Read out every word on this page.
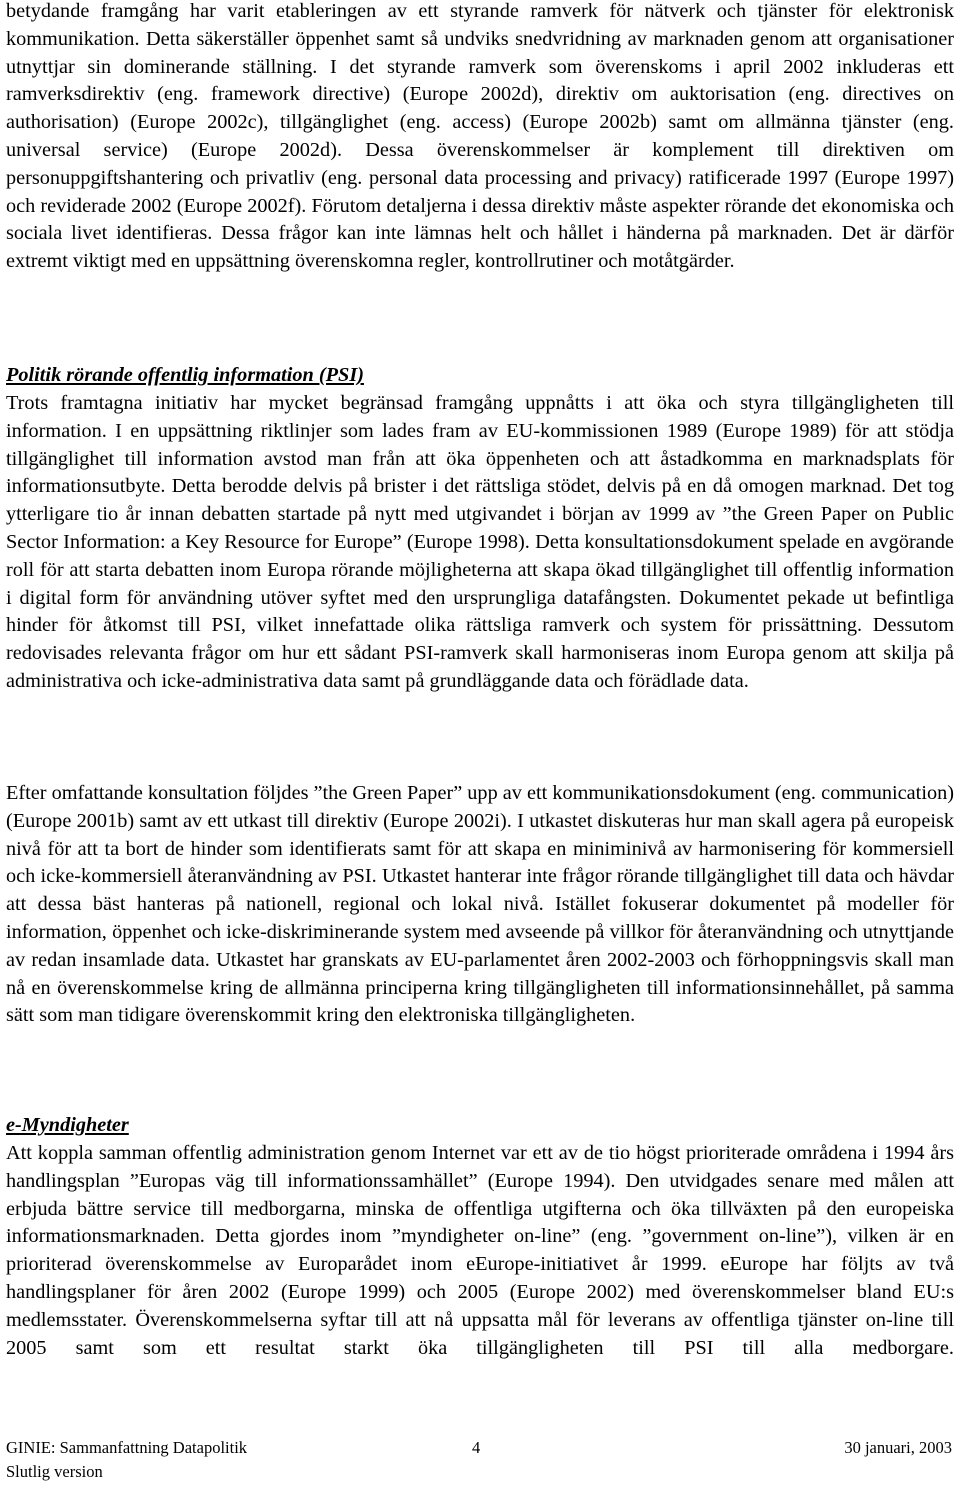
betydande framgång har varit etableringen av ett styrande ramverk för nätverk och tjänster för elektronisk kommunikation. Detta säkerställer öppenhet samt så undviks snedvridning av marknaden genom att organisationer utnyttjar sin dominerande ställning. I det styrande ramverk som överenskoms i april 2002 inkluderas ett ramverksdirektiv (eng. framework directive) (Europe 2002d), direktiv om auktorisation (eng. directives on authorisation) (Europe 2002c), tillgänglighet (eng. access) (Europe 2002b) samt om allmänna tjänster (eng. universal service) (Europe 2002d). Dessa överenskommelser är komplement till direktiven om personuppgiftshantering och privatliv (eng. personal data processing and privacy) ratificerade 1997 (Europe 1997) och reviderade 2002 (Europe 2002f). Förutom detaljerna i dessa direktiv måste aspekter rörande det ekonomiska och sociala livet identifieras. Dessa frågor kan inte lämnas helt och hållet i händerna på marknaden. Det är därför extremt viktigt med en uppsättning överenskomna regler, kontrollrutiner och motåtgärder.

Politik rörande offentlig information (PSI)

Trots framtagna initiativ har mycket begränsad framgång uppnåtts i att öka och styra tillgängligheten till information. I en uppsättning riktlinjer som lades fram av EU-kommissionen 1989 (Europe 1989) för att stödja tillgänglighet till information avstod man från att öka öppenheten och att åstadkomma en marknadsplats för informationsutbyte. Detta berodde delvis på brister i det rättsliga stödet, delvis på en då omogen marknad. Det tog ytterligare tio år innan debatten startade på nytt med utgivandet i början av 1999 av ”the Green Paper on Public Sector Information: a Key Resource for Europe” (Europe 1998). Detta konsultationsdokument spelade en avgörande roll för att starta debatten inom Europa rörande möjligheterna att skapa ökad tillgänglighet till offentlig information i digital form för användning utöver syftet med den ursprungliga datafångsten. Dokumentet pekade ut befintliga hinder för åtkomst till PSI, vilket innefattade olika rättsliga ramverk och system för prissättning. Dessutom redovisades relevanta frågor om hur ett sådant PSI-ramverk skall harmoniseras inom Europa genom att skilja på administrativa och icke-administrativa data samt på grundläggande data och förädlade data.

Efter omfattande konsultation följdes ”the Green Paper” upp av ett kommunikationsdokument (eng. communication) (Europe 2001b) samt av ett utkast till direktiv (Europe 2002i). I utkastet diskuteras hur man skall agera på europeisk nivå för att ta bort de hinder som identifierats samt för att skapa en miniminivå av harmonisering för kommersiell och icke-kommersiell återanvändning av PSI. Utkastet hanterar inte frågor rörande tillgänglighet till data och hävdar att dessa bäst hanteras på nationell, regional och lokal nivå. Istället fokuserar dokumentet på modeller för information, öppenhet och icke-diskriminerande system med avseende på villkor för återanvändning och utnyttjande av redan insamlade data. Utkastet har granskats av EU-parlamentet åren 2002-2003 och förhoppningsvis skall man nå en överenskommelse kring de allmänna principerna kring tillgängligheten till informationsinnehållet, på samma sätt som man tidigare överenskommit kring den elektroniska tillgängligheten.

e-Myndigheter

Att koppla samman offentlig administration genom Internet var ett av de tio högst prioriterade områdena i 1994 års handlingsplan ”Europas väg till informationssamhället” (Europe 1994). Den utvidgades senare med målen att erbjuda bättre service till medborgarna, minska de offentliga utgifterna och öka tillväxten på den europeiska informationsmarknaden. Detta gjordes inom ”myndigheter on-line” (eng. ”government on-line”), vilken är en prioriterad överenskommelse av Europarådet inom eEurope-initiativet år 1999. eEurope har följts av två handlingsplaner för åren 2002 (Europe 1999) och 2005 (Europe 2002) med överenskommelser bland EU:s medlemsstater. Överenskommelserna syftar till att nå uppsatta mål för leverans av offentliga tjänster on-line till 2005 samt som ett resultat starkt öka tillgängligheten till PSI till alla medborgare.

GINIE: Sammanfattning Datapolitik	4	30 januari, 2003
Slutlig version
